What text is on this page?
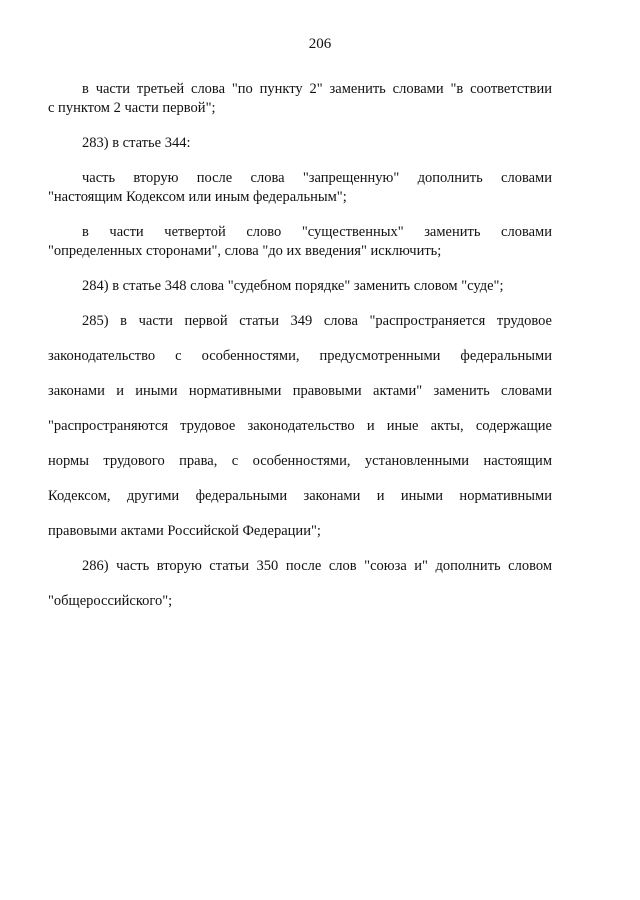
206
в части третьей слова "по пункту 2" заменить словами "в соответствии
с пунктом 2 части первой";
283) в статье 344:
часть вторую после слова "запрещенную" дополнить словами
"настоящим Кодексом или иным федеральным";
в части четвертой слово "существенных" заменить словами
"определенных сторонами", слова "до их введения" исключить;
284) в статье 348 слова "судебном порядке" заменить словом "суде";
285) в части первой статьи 349 слова "распространяется трудовое
законодательство с особенностями, предусмотренными федеральными
законами и иными нормативными правовыми актами" заменить словами
"распространяются трудовое законодательство и иные акты, содержащие
нормы трудового права, с особенностями, установленными настоящим
Кодексом, другими федеральными законами и иными нормативными
правовыми актами Российской Федерации";
286) часть вторую статьи 350 после слов "союза и" дополнить словом
"общероссийского";
